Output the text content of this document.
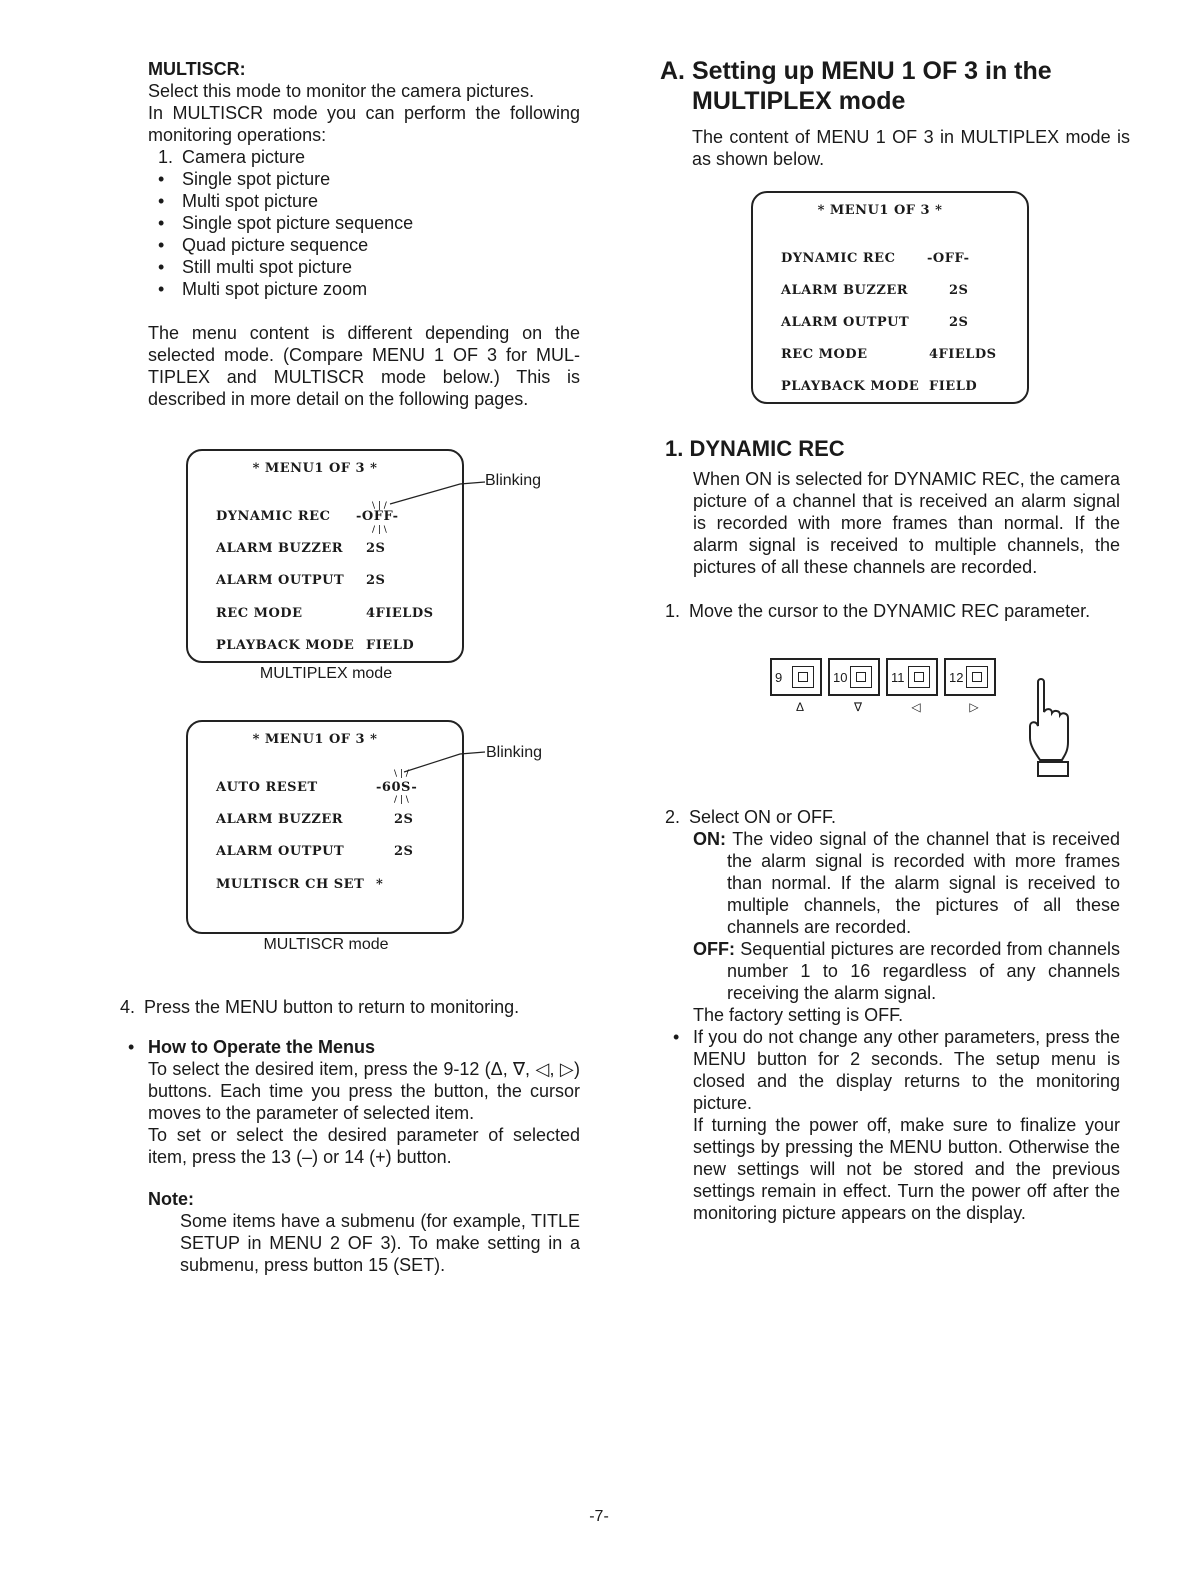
MULTISCR:
Select this mode to monitor the camera pictures.
In MULTISCR mode you can perform the following monitoring operations:
1. Camera picture
• Single spot picture
• Multi spot picture
• Single spot picture sequence
• Quad picture sequence
• Still multi spot picture
• Multi spot picture zoom
The menu content is different depending on the selected mode. (Compare MENU 1 OF 3 for MUL-TIPLEX and MULTISCR mode below.) This is described in more detail on the following pages.
* MENU1 OF 3 *
DYNAMIC REC -OFF-
ALARM BUZZER 2S
ALARM OUTPUT 2S
REC MODE	4FIELDS
PLAYBACK MODE FIELD
\ | /
/ | \
Blinking
MULTIPLEX mode
* MENU1 OF 3 *
AUTO RESET	-60S-
ALARM BUZZER	2S
ALARM OUTPUT	2S
MULTISCR CH SET *
\ | /
/ | \
Blinking
MULTISCR mode
4. Press the MENU button to return to monitoring.
• How to Operate the Menus
To select the desired item, press the 9-12 (Δ, ∇, ◁, ▷) buttons. Each time you press the button, the cursor moves to the parameter of selected item.
To set or select the desired parameter of selected item, press the 13 (–) or 14 (+) button.
Note:
Some items have a submenu (for example, TITLE SETUP in MENU 2 OF 3). To make setting in a submenu, press button 15 (SET).
A. Setting up MENU 1 OF 3 in the MULTIPLEX mode
The content of MENU 1 OF 3 in MULTIPLEX mode is as shown below.
* MENU1 OF 3 *
DYNAMIC REC -OFF-
ALARM BUZZER	2S
ALARM OUTPUT	2S
REC MODE	4FIELDS
PLAYBACK MODE FIELD
1. DYNAMIC REC
When ON is selected for DYNAMIC REC, the camera picture of a channel that is received an alarm signal is recorded with more frames than normal. If the alarm signal is received to multiple channels, the pictures of all these channels are recorded.
1. Move the cursor to the DYNAMIC REC parameter.
9	10	11	12
Δ	∇	◁	▷
2. Select ON or OFF.
ON: The video signal of the channel that is received the alarm signal is recorded with more frames than normal. If the alarm signal is received to multiple channels, the pictures of all these channels are recorded.
OFF: Sequential pictures are recorded from channels number 1 to 16 regardless of any channels receiving the alarm signal.
The factory setting is OFF.
• If you do not change any other parameters, press the MENU button for 2 seconds. The setup menu is closed and the display returns to the monitoring picture.
If turning the power off, make sure to finalize your settings by pressing the MENU button. Otherwise the new settings will not be stored and the previous settings remain in effect. Turn the power off after the monitoring picture appears on the display.
-7-
